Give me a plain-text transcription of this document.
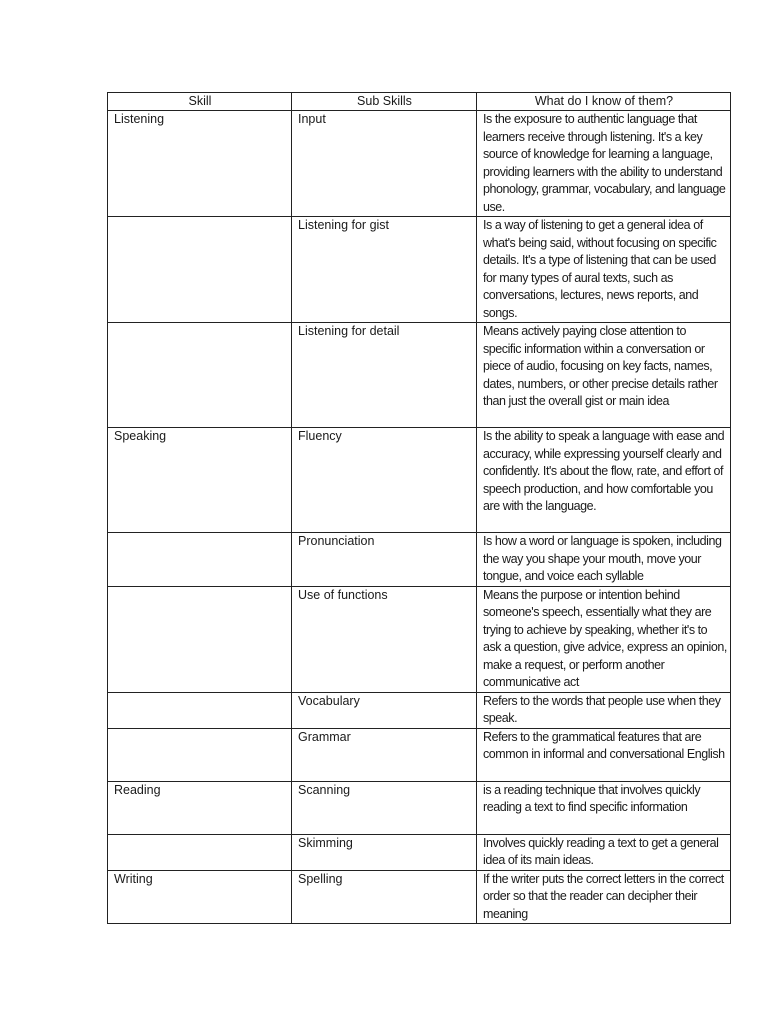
Skill	Sub Skills	What do I know of them?
Listening	Input	Is the exposure to authentic language that learners receive through listening. It's a key source of knowledge for learning a language, providing learners with the ability to understand phonology, grammar, vocabulary, and language use.
	Listening for gist	Is a way of listening to get a general idea of what's being said, without focusing on specific details. It's a type of listening that can be used for many types of aural texts, such as conversations, lectures, news reports, and songs.
	Listening for detail	Means actively paying close attention to specific information within a conversation or piece of audio, focusing on key facts, names, dates, numbers, or other precise details rather than just the overall gist or main idea
Speaking	Fluency	Is the ability to speak a language with ease and accuracy, while expressing yourself clearly and confidently. It's about the flow, rate, and effort of speech production, and how comfortable you are with the language.
	Pronunciation	Is how a word or language is spoken, including the way you shape your mouth, move your tongue, and voice each syllable
	Use of functions	Means the purpose or intention behind someone's speech, essentially what they are trying to achieve by speaking, whether it's to ask a question, give advice, express an opinion, make a request, or perform another communicative act
	Vocabulary	Refers to the words that people use when they speak.
	Grammar	Refers to the grammatical features that are common in informal and conversational English
Reading	Scanning	is a reading technique that involves quickly reading a text to find specific information
	Skimming	Involves quickly reading a text to get a general idea of its main ideas.
Writing	Spelling	If the writer puts the correct letters in the correct order so that the reader can decipher their meaning
